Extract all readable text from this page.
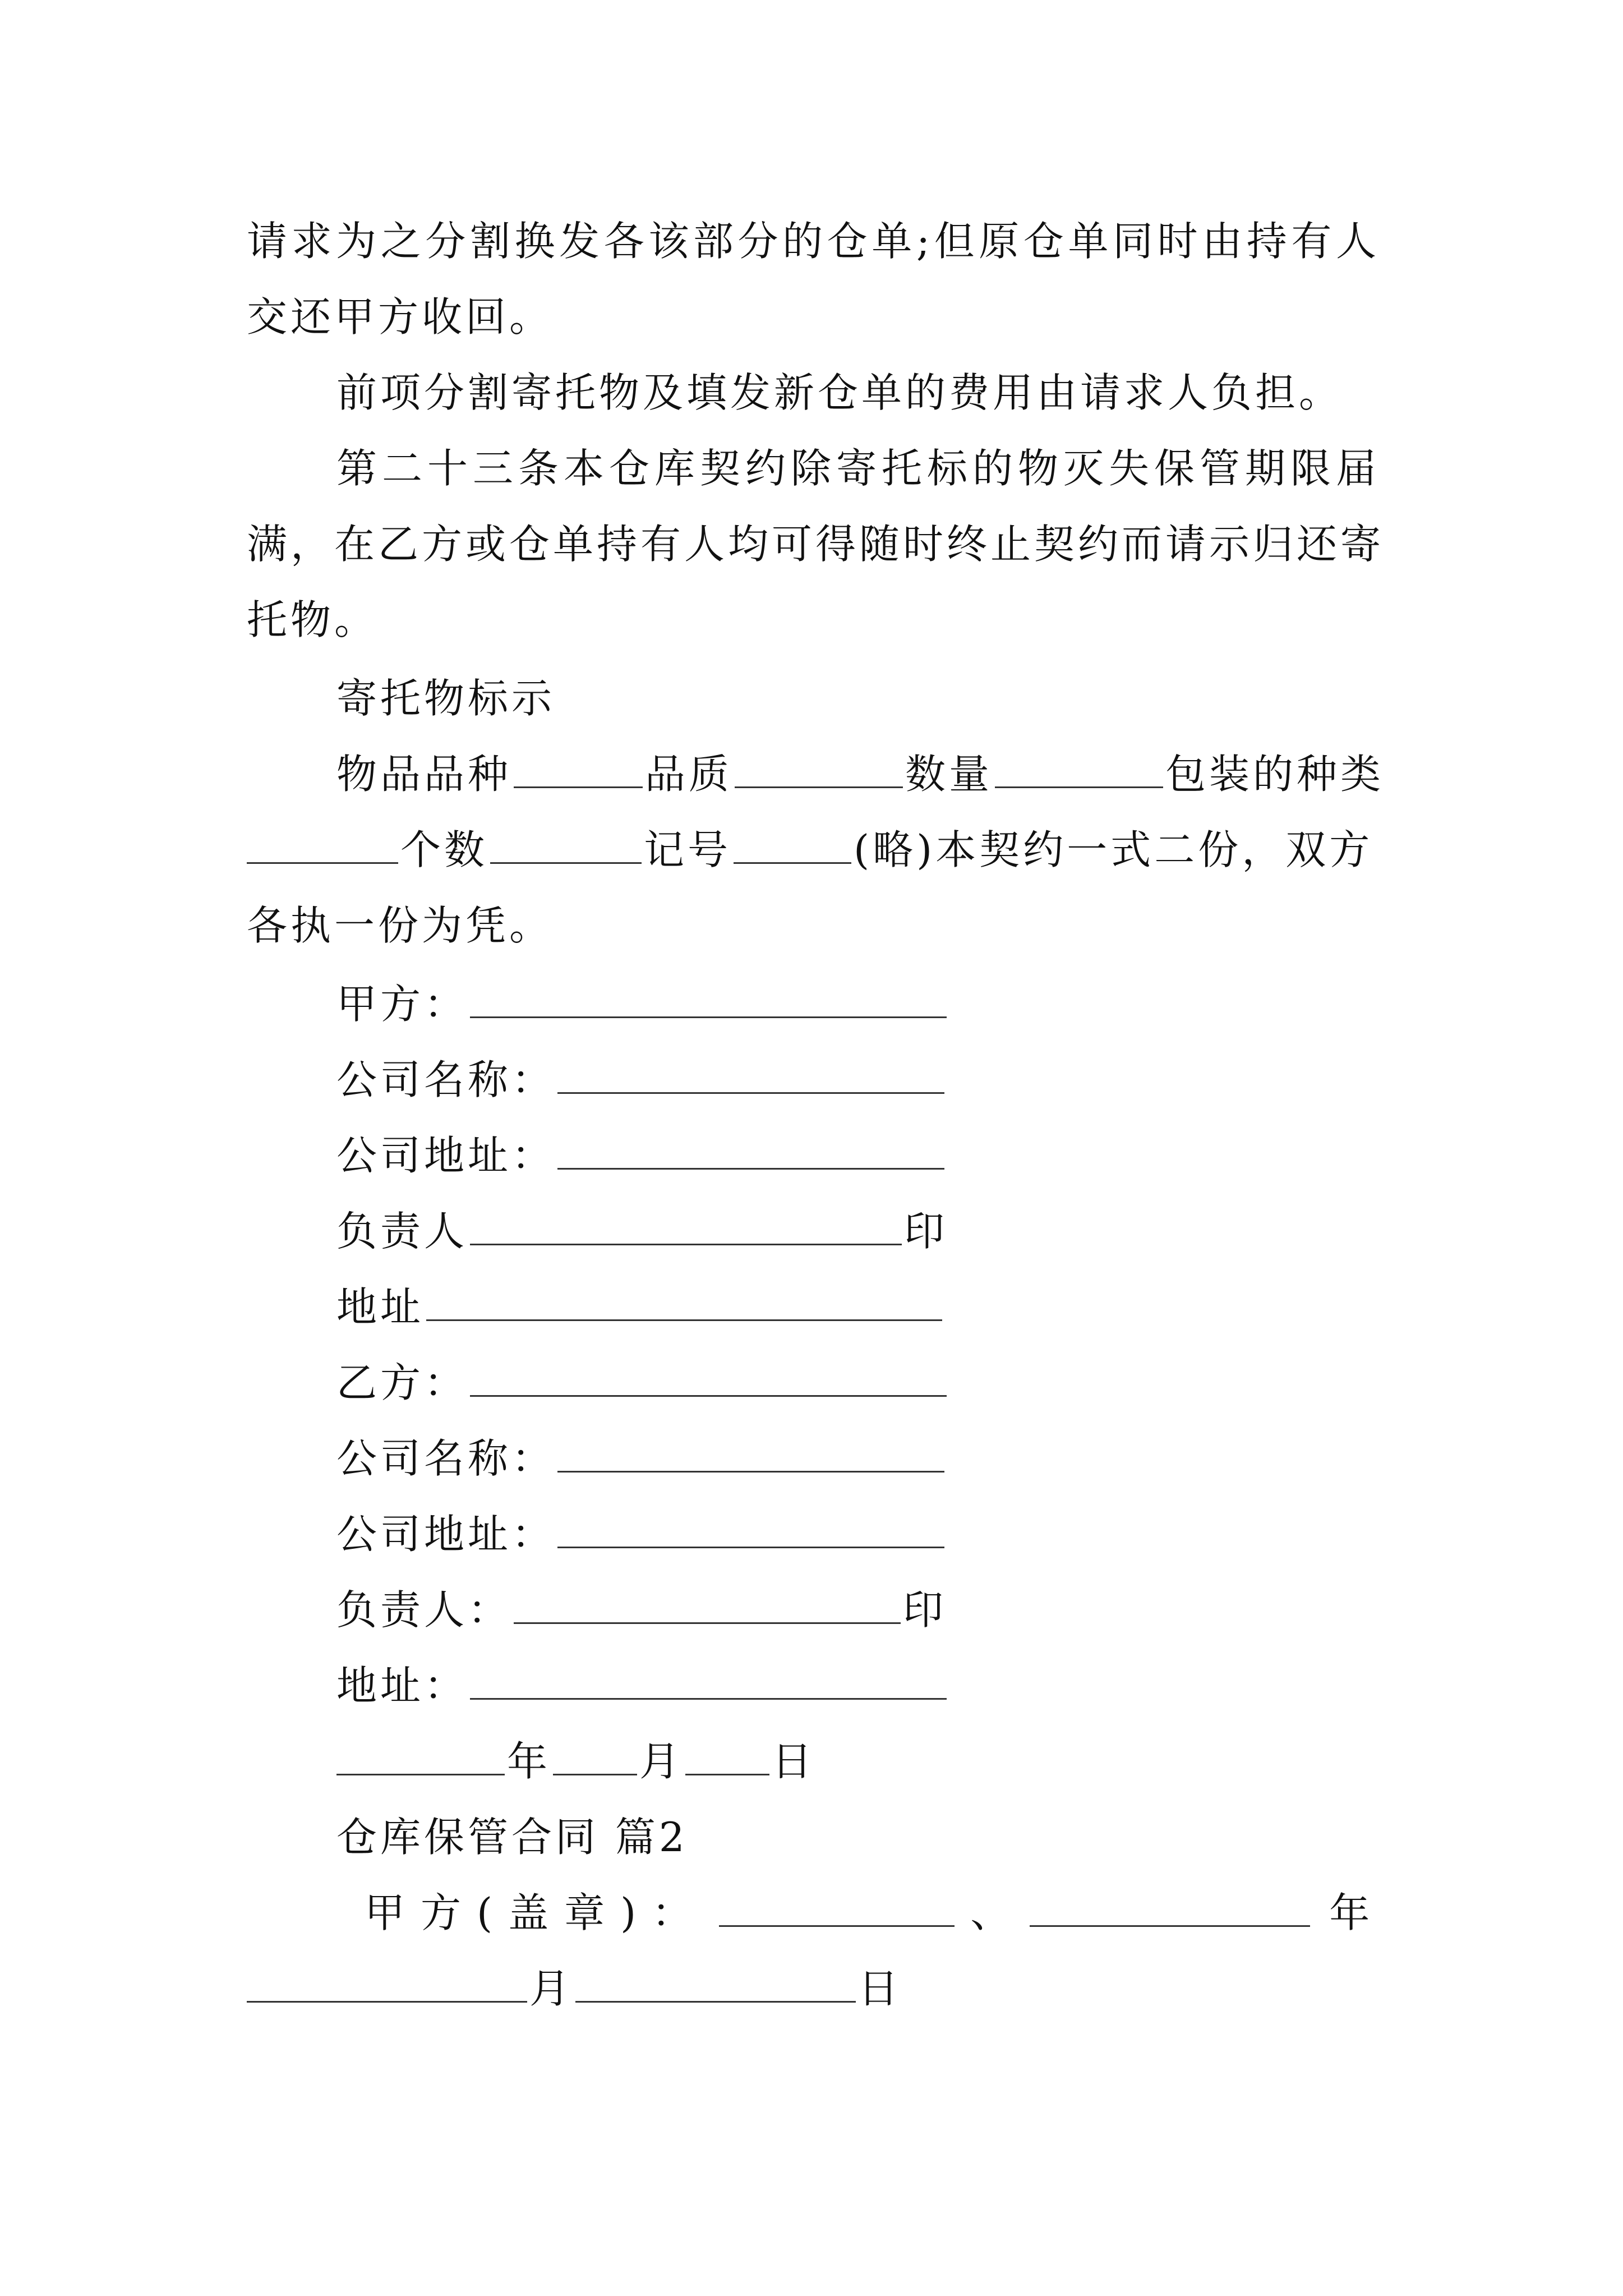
请求为之分割换发各该部分的仓单;但原仓单同时由持有人
交还甲方收回。
前项分割寄托物及填发新仓单的费用由请求人负担。
第二十三条本仓库契约除寄托标的物灭失保管期限届
满，在乙方或仓单持有人均可得随时终止契约而请示归还寄
托物。
寄托物标示
物品品种	品质	数量	包装的种类
个数	记号	(略)本契约一式二份，双方
各执一份为凭。
甲方：
公司名称：
公司地址：
负责人	印
地址
乙方：
公司名称：
公司地址：
负责人：	印
地址：
年 月 日
仓库保管合同 篇2
甲方(盖章)：	、	年
月	日
